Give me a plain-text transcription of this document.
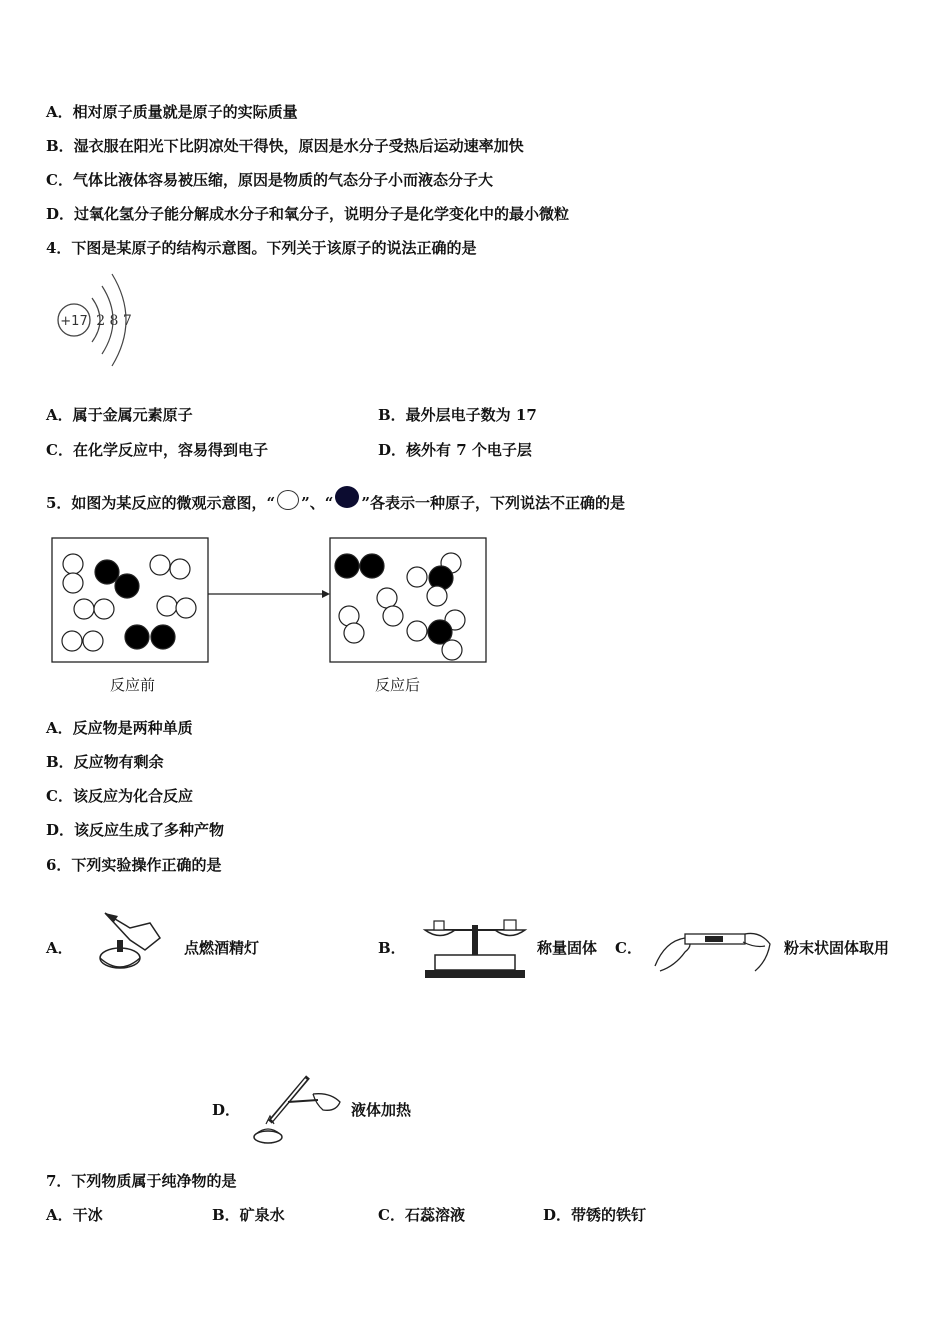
A．相对原子质量就是原子的实际质量
B．湿衣服在阳光下比阴凉处干得快，原因是水分子受热后运动速率加快
C．气体比液体容易被压缩，原因是物质的气态分子小而液态分子大
D．过氧化氢分子能分解成水分子和氧分子，说明分子是化学变化中的最小微粒
4．下图是某原子的结构示意图。下列关于该原子的说法正确的是
+17 2 8 7
A．属于金属元素原子	B．最外层电子数为 17
C．在化学反应中，容易得到电子	D．核外有 7 个电子层
5．如图为某反应的微观示意图，“ ”、“ ”各表示一种原子，下列说法不正确的是
反应前	反应后
A．反应物是两种单质
B．反应物有剩余
C．该反应为化合反应
D．该反应生成了多种产物
6．下列实验操作正确的是
A．	点燃酒精灯	B．	称量固体 C．	粉末状固体取用
D．	液体加热
7．下列物质属于纯净物的是
A．干冰	B．矿泉水	C．石蕊溶液	D．带锈的铁钉
